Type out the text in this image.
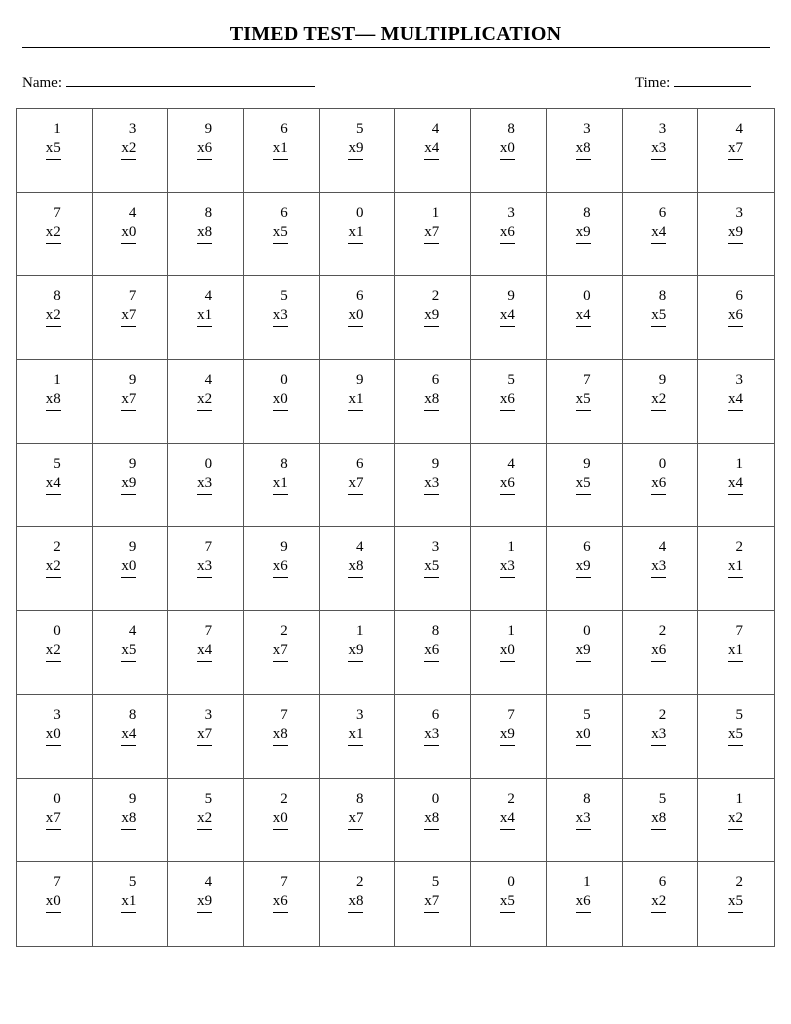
TIMED TEST— MULTIPLICATION
Name:	Time:
1
x5
3
x2
9
x6
6
x1
5
x9
4
x4
8
x0
3
x8
3
x3
4
x7
7
x2
4
x0
8
x8
6
x5
0
x1
1
x7
3
x6
8
x9
6
x4
3
x9
8
x2
7
x7
4
x1
5
x3
6
x0
2
x9
9
x4
0
x4
8
x5
6
x6
1
x8
9
x7
4
x2
0
x0
9
x1
6
x8
5
x6
7
x5
9
x2
3
x4
5
x4
9
x9
0
x3
8
x1
6
x7
9
x3
4
x6
9
x5
0
x6
1
x4
2
x2
9
x0
7
x3
9
x6
4
x8
3
x5
1
x3
6
x9
4
x3
2
x1
0
x2
4
x5
7
x4
2
x7
1
x9
8
x6
1
x0
0
x9
2
x6
7
x1
3
x0
8
x4
3
x7
7
x8
3
x1
6
x3
7
x9
5
x0
2
x3
5
x5
0
x7
9
x8
5
x2
2
x0
8
x7
0
x8
2
x4
8
x3
5
x8
1
x2
7
x0
5
x1
4
x9
7
x6
2
x8
5
x7
0
x5
1
x6
6
x2
2
x5
